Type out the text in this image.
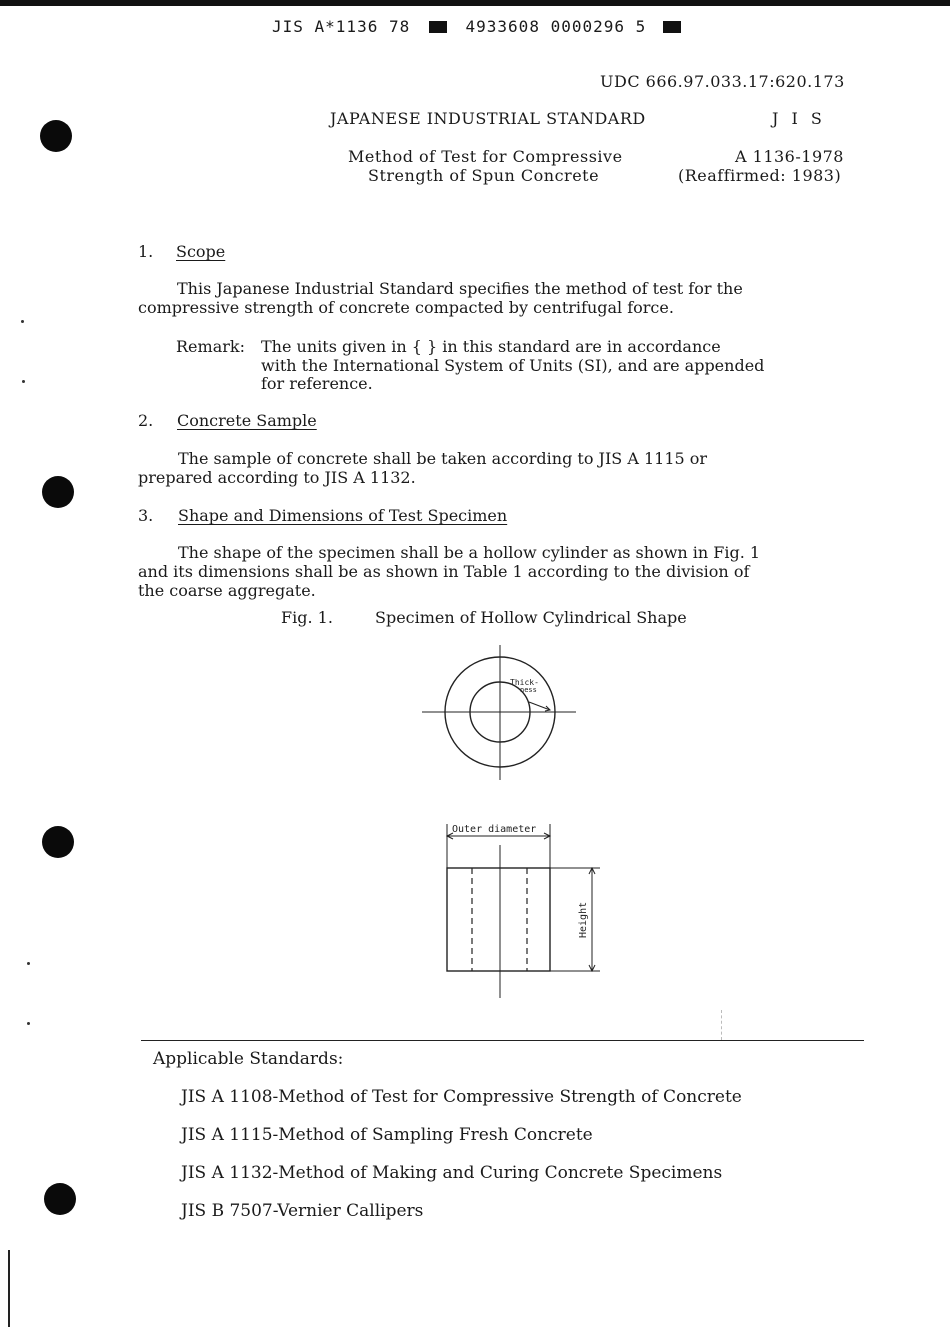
JIS A*1136 78	4933608 0000296 5
UDC 666.97.033.17:620.173
JAPANESE INDUSTRIAL STANDARD	J I S
Method of Test for Compressive
Strength of Spun Concrete
A 1136-1978
(Reaffirmed: 1983)
1. Scope
This Japanese Industrial Standard specifies the method of test for the
compressive strength of concrete compacted by centrifugal force.
Remark: The units given in { } in this standard are in accordance
with the International System of Units (SI), and are appended
for reference.
2. Concrete Sample
The sample of concrete shall be taken according to JIS A 1115 or
prepared according to JIS A 1132.
3. Shape and Dimensions of Test Specimen
The shape of the specimen shall be a hollow cylinder as shown in Fig. 1
and its dimensions shall be as shown in Table 1 according to the division of
the coarse aggregate.
Fig. 1.	Specimen of Hollow Cylindrical Shape
Thick-
ness
Outer diameter
Height
Applicable Standards:
JIS A 1108-Method of Test for Compressive Strength of Concrete
JIS A 1115-Method of Sampling Fresh Concrete
JIS A 1132-Method of Making and Curing Concrete Specimens
JIS B 7507-Vernier Callipers
